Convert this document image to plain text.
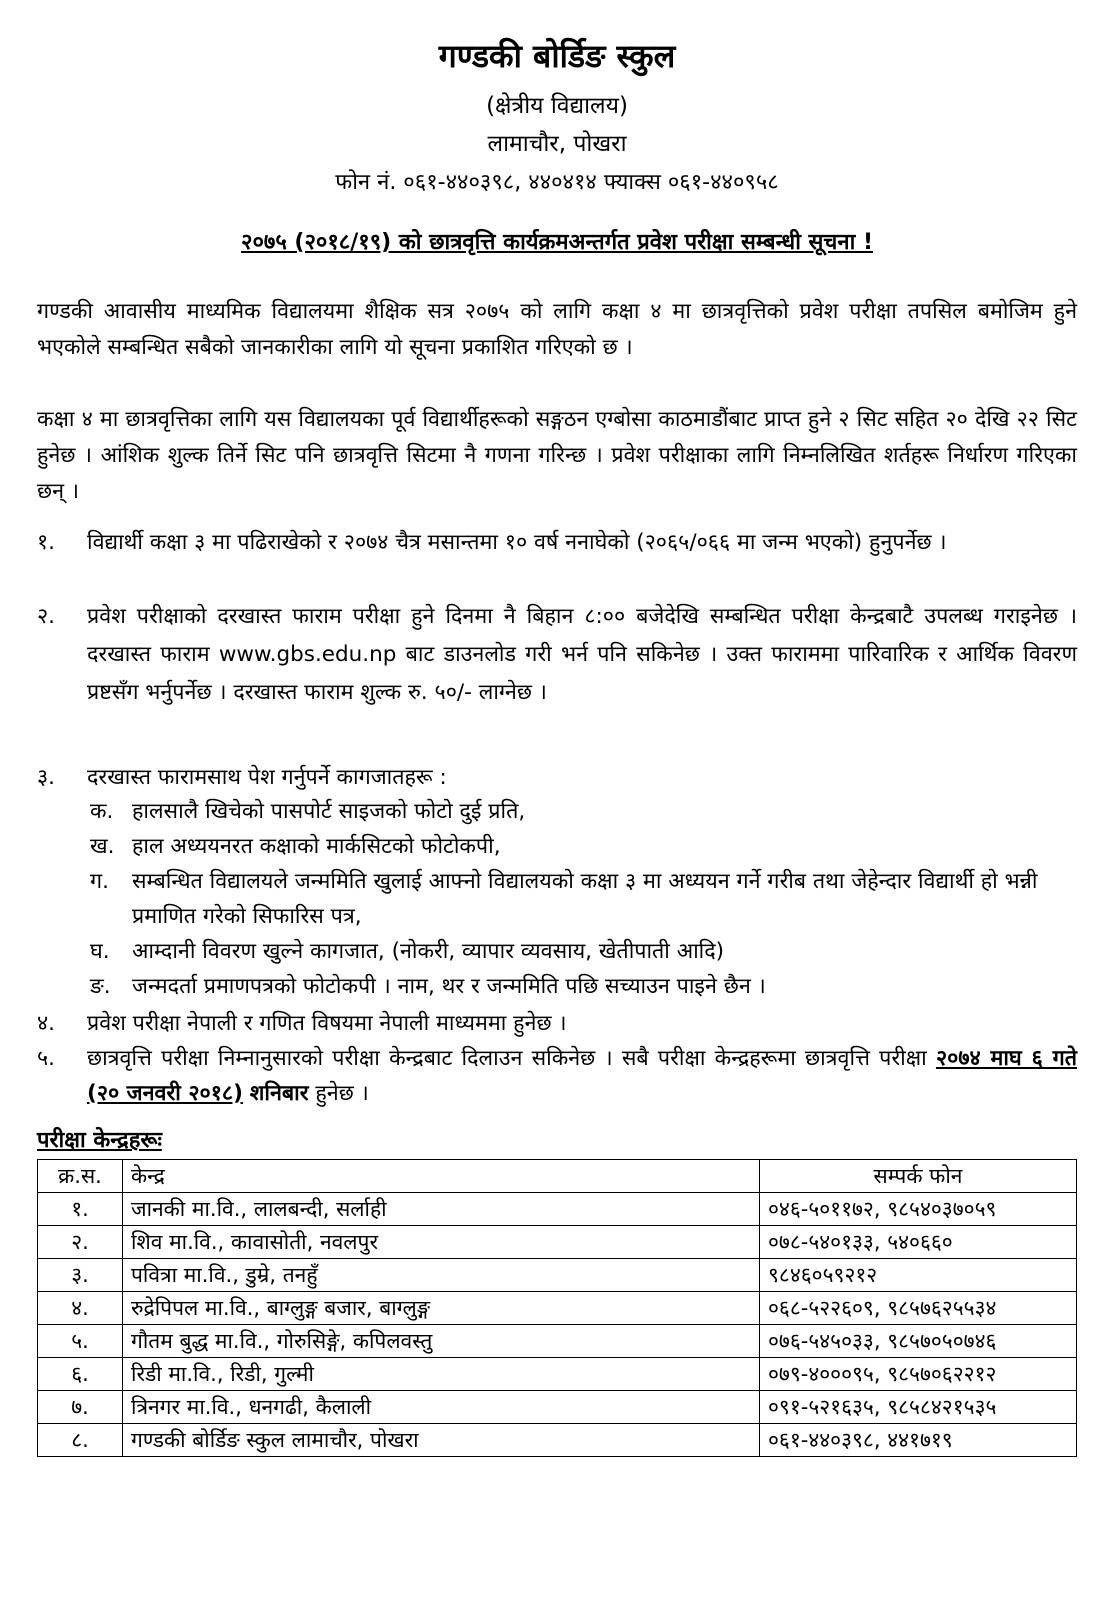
गण्डकी बोर्डिङ स्कुल
(क्षेत्रीय विद्यालय)
लामाचौर, पोखरा
फोन नं. ०६१-४४०३९८, ४४०४१४ फ्याक्स ०६१-४४०९५८
२०७५ (२०१८/१९) को छात्रवृत्ति कार्यक्रमअन्तर्गत प्रवेश परीक्षा सम्बन्धी सूचना !
गण्डकी आवासीय माध्यमिक विद्यालयमा शैक्षिक सत्र २०७५ को लागि कक्षा ४ मा छात्रवृत्तिको प्रवेश परीक्षा तपसिल बमोजिम हुने भएकोले सम्बन्धित सबैको जानकारीका लागि यो सूचना प्रकाशित गरिएको छ ।
कक्षा ४ मा छात्रवृत्तिका लागि यस विद्यालयका पूर्व विद्यार्थीहरूको सङ्गठन एग्बोसा काठमाडौंबाट प्राप्त हुने २ सिट सहित २० देखि २२ सिट हुनेछ । आंशिक शुल्क तिर्ने सिट पनि छात्रवृत्ति सिटमा नै गणना गरिन्छ । प्रवेश परीक्षाका लागि निम्नलिखित शर्तहरू निर्धारण गरिएका छन् ।
१.	विद्यार्थी कक्षा ३ मा पढिराखेको र २०७४ चैत्र मसान्तमा १० वर्ष ननाघेको (२०६५/०६६ मा जन्म भएको) हुनुपर्नेछ ।
२.	प्रवेश परीक्षाको दरखास्त फाराम परीक्षा हुने दिनमा नै बिहान ८:०० बजेदेखि सम्बन्धित परीक्षा केन्द्रबाटै उपलब्ध गराइनेछ । दरखास्त फाराम www.gbs.edu.np बाट डाउनलोड गरी भर्न पनि सकिनेछ । उक्त फाराममा पारिवारिक र आर्थिक विवरण प्रष्टसँग भर्नुपर्नेछ । दरखास्त फाराम शुल्क रु. ५०/- लाग्नेछ ।
३.	दरखास्त फारामसाथ पेश गर्नुपर्ने कागजातहरू :
क. हालसालै खिचेको पासपोर्ट साइजको फोटो दुई प्रति,
ख. हाल अध्ययनरत कक्षाको मार्कसिटको फोटोकपी,
ग.	सम्बन्धित विद्यालयले जन्ममिति खुलाई आफ्नो विद्यालयको कक्षा ३ मा अध्ययन गर्ने गरीब तथा जेहेन्दार विद्यार्थी हो भन्नी प्रमाणित गरेको सिफारिस पत्र,
घ.	आम्दानी विवरण खुल्ने कागजात, (नोकरी, व्यापार व्यवसाय, खेतीपाती आदि)
ङ. जन्मदर्ता प्रमाणपत्रको फोटोकपी । नाम, थर र जन्ममिति पछि सच्याउन पाइने छैन ।
४.	प्रवेश परीक्षा नेपाली र गणित विषयमा नेपाली माध्यममा हुनेछ ।
५.	छात्रवृत्ति परीक्षा निम्नानुसारको परीक्षा केन्द्रबाट दिलाउन सकिनेछ । सबै परीक्षा केन्द्रहरूमा छात्रवृत्ति परीक्षा २०७४ माघ ६ गते (२० जनवरी २०१८) शनिबार हुनेछ ।
परीक्षा केन्द्रहरूः
क्र.स.	केन्द्र	सम्पर्क फोन
१.	जानकी मा.वि., लालबन्दी, सर्लाही	०४६-५०११७२, ९८५४०३७०५९
२.	शिव मा.वि., कावासोती, नवलपुर	०७८-५४०१३३, ५४०६६०
३.	पवित्रा मा.वि., डुम्रे, तनहुँ	९८४६०५९२१२
४.	रुद्रेपिपल मा.वि., बाग्लुङ्ग बजार, बाग्लुङ्ग	०६८-५२२६०९, ९८५७६२५५३४
५.	गौतम बुद्ध मा.वि., गोरुसिङ्गे, कपिलवस्तु	०७६-५४५०३३, ९८५७०५०७४६
६.	रिडी मा.वि., रिडी, गुल्मी	०७९-४०००९५, ९८५७०६२२१२
७.	त्रिनगर मा.वि., धनगढी, कैलाली	०९१-५२१६३५, ९८५८४२१५३५
८.	गण्डकी बोर्डिङ स्कुल लामाचौर, पोखरा	०६१-४४०३९८, ४४१७१९
